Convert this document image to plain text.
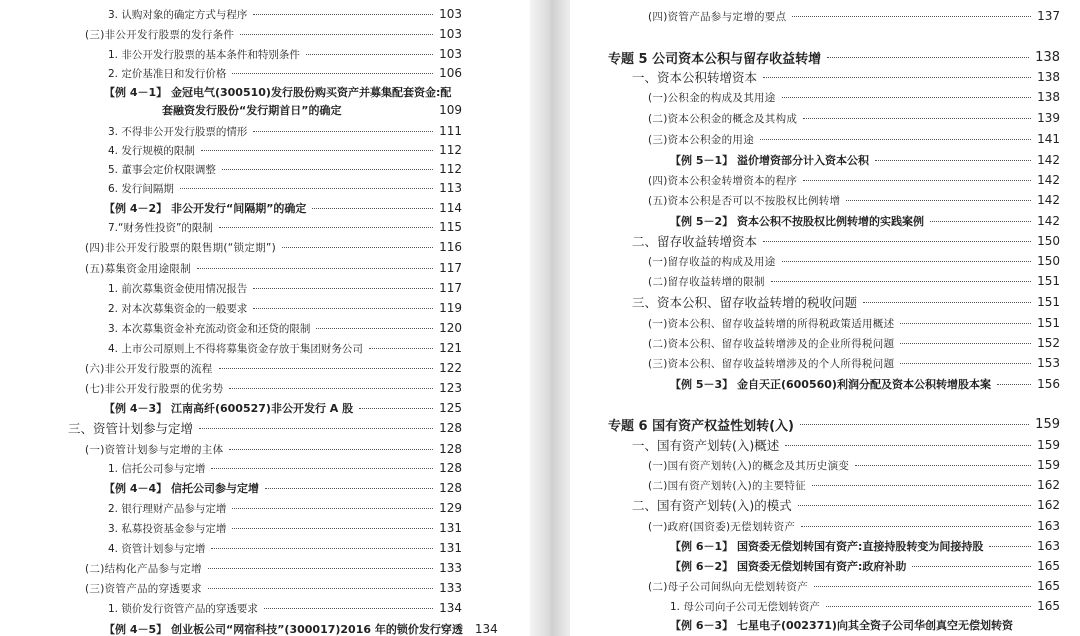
3. 认购对象的确定方式与程序	103
(三)非公开发行股票的发行条件	103
1. 非公开发行股票的基本条件和特别条件	103
2. 定价基准日和发行价格	106
【例 4－1】 金冠电气(300510)发行股份购买资产并募集配套资金:配
套融资发行股份“发行期首日”的确定	109
3. 不得非公开发行股票的情形	111
4. 发行规模的限制	112
5. 董事会定价权限调整	112
6. 发行间隔期	113
【例 4－2】 非公开发行“间隔期”的确定	114
7.“财务性投资”的限制	115
(四)非公开发行股票的限售期(“锁定期”)	116
(五)募集资金用途限制	117
1. 前次募集资金使用情况报告	117
2. 对本次募集资金的一般要求	119
3. 本次募集资金补充流动资金和还贷的限制	120
4. 上市公司原则上不得将募集资金存放于集团财务公司	121
(六)非公开发行股票的流程	122
(七)非公开发行股票的优劣势	123
【例 4－3】 江南高纤(600527)非公开发行 A 股	125
三、资管计划参与定增	128
(一)资管计划参与定增的主体	128
1. 信托公司参与定增	128
【例 4－4】 信托公司参与定增	128
2. 银行理财产品参与定增	129
3. 私募投资基金参与定增	131
4. 资管计划参与定增	131
(二)结构化产品参与定增	133
(三)资管产品的穿透要求	133
1. 锁价发行资管产品的穿透要求	134
【例 4－5】 创业板公司“网宿科技”(300017)2016 年的锁价发行穿透 134
(四)资管产品参与定增的要点	137
专题 5 公司资本公积与留存收益转增	138
一、资本公积转增资本	138
(一)公积金的构成及其用途	138
(二)资本公积金的概念及其构成	139
(三)资本公积金的用途	141
【例 5－1】 溢价增资部分计入资本公积	142
(四)资本公积金转增资本的程序	142
(五)资本公积是否可以不按股权比例转增	142
【例 5－2】 资本公积不按股权比例转增的实践案例	142
二、留存收益转增资本	150
(一)留存收益的构成及用途	150
(二)留存收益转增的限制	151
三、资本公积、留存收益转增的税收问题	151
(一)资本公积、留存收益转增的所得税政策适用概述	151
(二)资本公积、留存收益转增涉及的企业所得税问题	152
(三)资本公积、留存收益转增涉及的个人所得税问题	153
【例 5－3】 金自天正(600560)利润分配及资本公积转增股本案	156
专题 6 国有资产权益性划转(入)	159
一、国有资产划转(入)概述	159
(一)国有资产划转(入)的概念及其历史演变	159
(二)国有资产划转(入)的主要特征	162
二、国有资产划转(入)的模式	162
(一)政府(国资委)无偿划转资产	163
【例 6－1】 国资委无偿划转国有资产:直接持股转变为间接持股	163
【例 6－2】 国资委无偿划转国有资产:政府补助	165
(二)母子公司间纵向无偿划转资产	165
1. 母公司向子公司无偿划转资产	165
【例 6－3】 七星电子(002371)向其全资子公司华创真空无偿划转资
